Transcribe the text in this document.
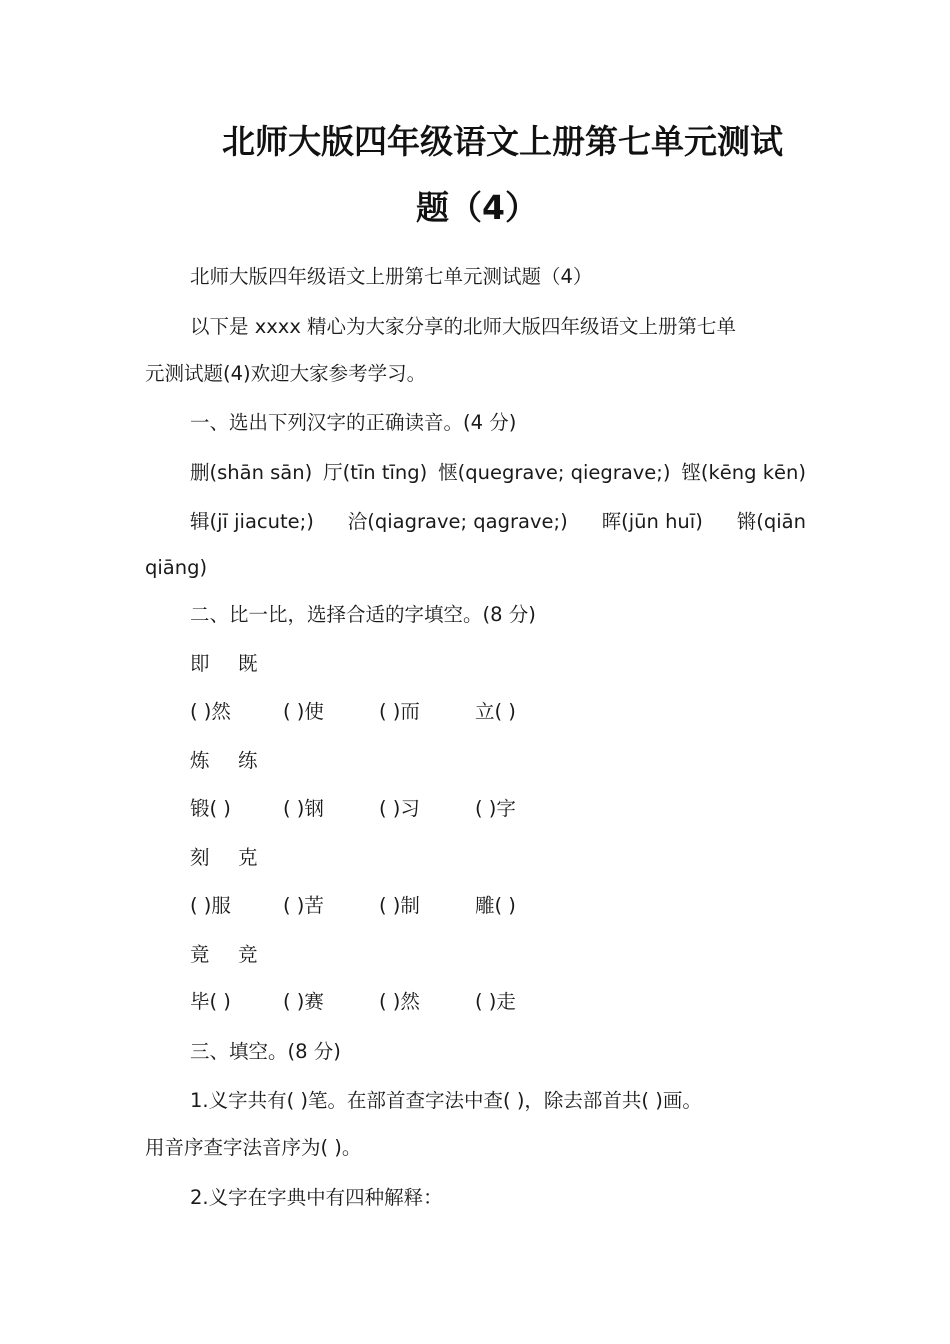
北师大版四年级语文上册第七单元测试
题（4）
北师大版四年级语文上册第七单元测试题（4）
以下是 xxxx 精心为大家分享的北师大版四年级语文上册第七单
元测试题(4)欢迎大家参考学习。
一、选出下列汉字的正确读音。(4 分)
删(shān sān) 厅(tīn tīng) 惬(quegrave; qiegrave;) 铿(kēng kēn)
辑(jī jiacute;) 洽(qiagrave; qagrave;) 晖(jūn huī) 锵(qiān
qiāng)
二、比一比，选择合适的字填空。(8 分)
即 既
( )然	( )使	( )而	立( )
炼 练
锻( )	( )钢	( )习	( )字
刻 克
( )服	( )苦	( )制	雕( )
竟 竞
毕( )	( )赛	( )然	( )走
三、填空。(8 分)
1.义字共有( )笔。在部首查字法中查( )，除去部首共( )画。
用音序查字法音序为( )。
2.义字在字典中有四种解释：
